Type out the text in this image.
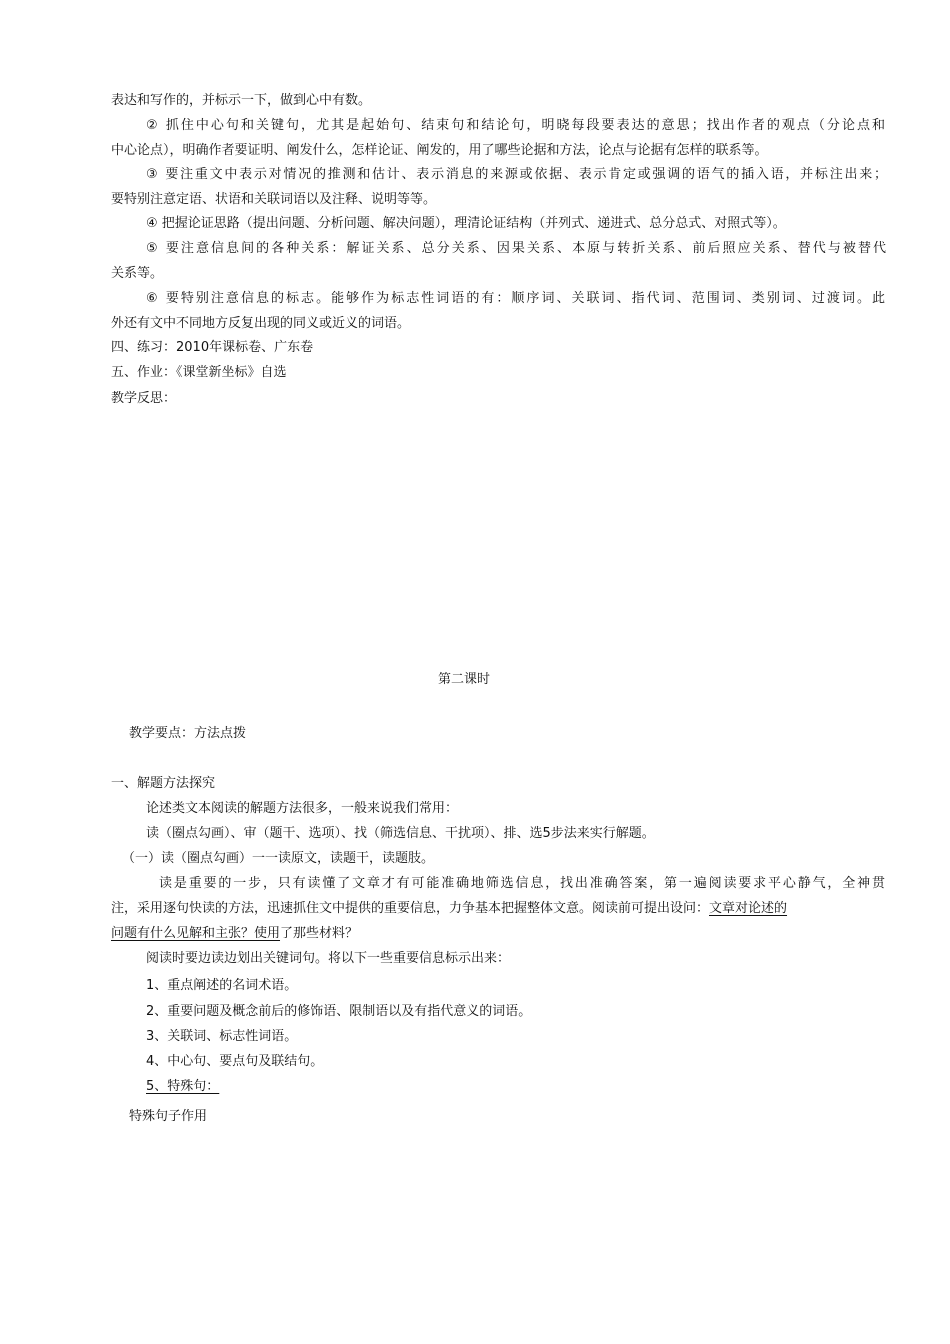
表达和写作的，并标示一下，做到心中有数。
② 抓住中心句和关键句，尤其是起始句、结束句和结论句，明晓每段要表达的意思；找出作者的观点（分论点和
中心论点），明确作者要证明、阐发什么，怎样论证、阐发的，用了哪些论据和方法，论点与论据有怎样的联系等。
③ 要注重文中表示对情况的推测和估计、表示消息的来源或依据、表示肯定或强调的语气的插入语，并标注出来；
要特别注意定语、状语和关联词语以及注释、说明等等。
④ 把握论证思路（提出问题、分析问题、解决问题），理清论证结构（并列式、递进式、总分总式、对照式等）。
⑤ 要注意信息间的各种关系：解证关系、总分关系、因果关系、本原与转折关系、前后照应关系、替代与被替代
关系等。
⑥ 要特别注意信息的标志。能够作为标志性词语的有：顺序词、关联词、指代词、范围词、类别词、过渡词。此
外还有文中不同地方反复出现的同义或近义的词语。
四、练习：2010年课标卷、广东卷
五、作业：《课堂新坐标》自选
教学反思：
第二课时
教学要点：方法点拨
一、解题方法探究
论述类文本阅读的解题方法很多，一般来说我们常用：
读（圈点勾画）、审（题干、选项）、找（筛选信息、干扰项）、排、选5步法来实行解题。
（一）读（圈点勾画）一一读原文，读题干，读题肢。
读是重要的一步，只有读懂了文章才有可能准确地筛选信息，找出准确答案，第一遍阅读要求平心静气，全神贯
注，采用逐句快读的方法，迅速抓住文中提供的重要信息，力争基本把握整体文意。阅读前可提出设问：文章对论述的
问题有什么见解和主张？使用了那些材料？
阅读时要边读边划出关键词句。将以下一些重要信息标示出来：
1、重点阐述的名词术语。
2、重要问题及概念前后的修饰语、限制语以及有指代意义的词语。
3、关联词、标志性词语。
4、中心句、要点句及联结句。
5、特殊句：
特殊句子作用
